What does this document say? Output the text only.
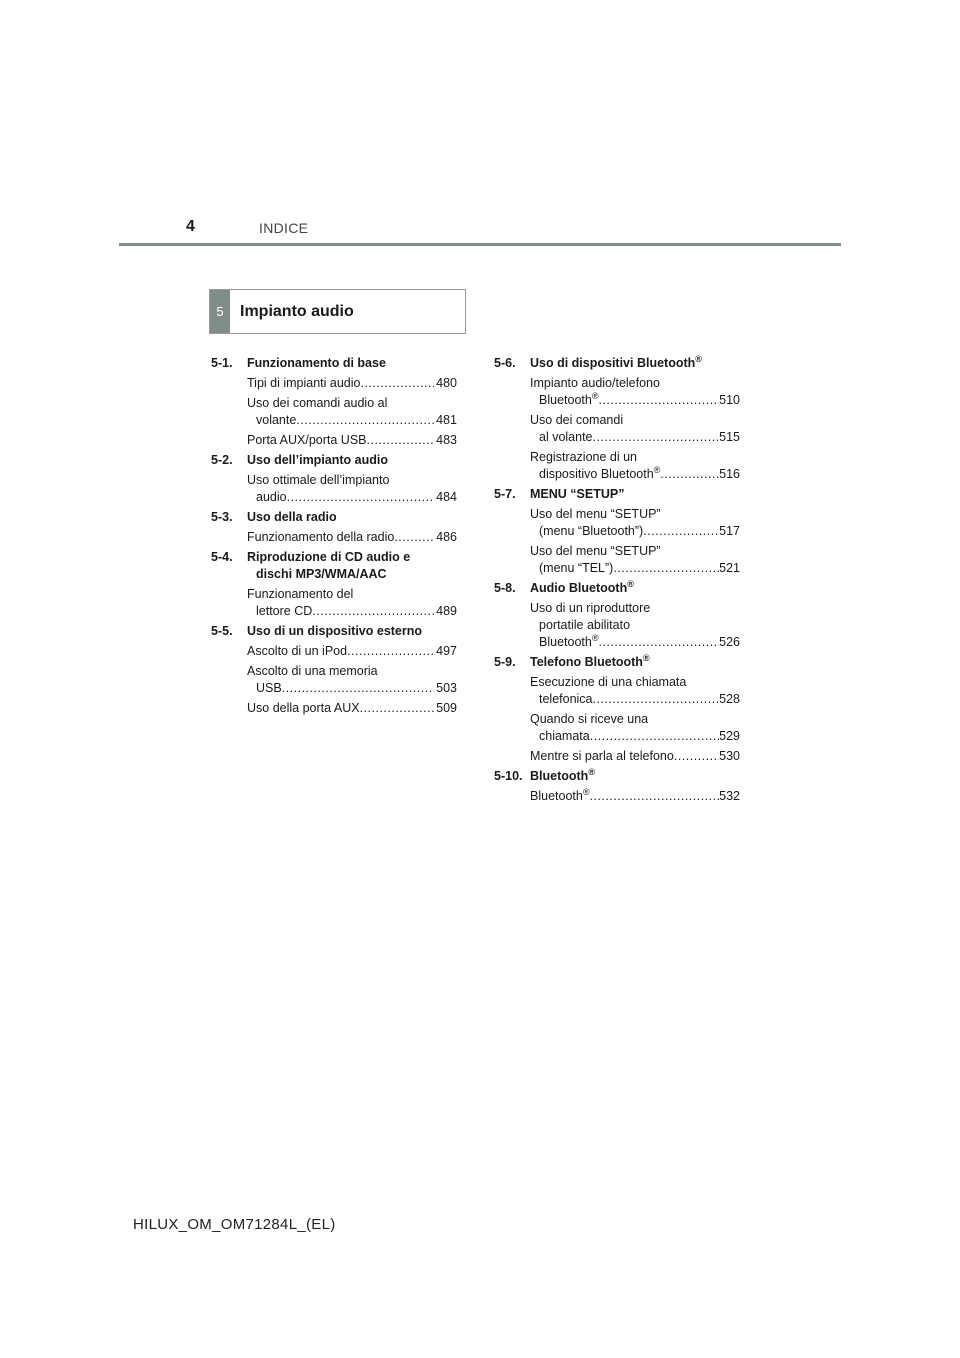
4	INDICE
5	Impianto audio
5-1.	Funzionamento di base
Tipi di impianti audio .....	480
Uso dei comandi audio al
volante .....	481
Porta AUX/porta USB .....	483
5-2.	Uso dell’impianto audio
Uso ottimale dell’impianto
audio .....	484
5-3.	Uso della radio
Funzionamento della radio .....	486
5-4.	Riproduzione di CD audio e
dischi MP3/WMA/AAC
Funzionamento del
lettore CD .....	489
5-5.	Uso di un dispositivo esterno
Ascolto di un iPod .....	497
Ascolto di una memoria
USB .....	503
Uso della porta AUX .....	509
5-6.	Uso di dispositivi Bluetooth®
Impianto audio/telefono
Bluetooth® .....	510
Uso dei comandi
al volante .....	515
Registrazione di un
dispositivo Bluetooth® .....	516
5-7.	MENU “SETUP”
Uso del menu “SETUP”
(menu “Bluetooth”) .....	517
Uso del menu “SETUP”
(menu “TEL”) .....	521
5-8.	Audio Bluetooth®
Uso di un riproduttore
portatile abilitato
Bluetooth® .....	526
5-9.	Telefono Bluetooth®
Esecuzione di una chiamata
telefonica .....	528
Quando si riceve una
chiamata .....	529
Mentre si parla al telefono .....	530
5-10. Bluetooth®
Bluetooth® .....	532
HILUX_OM_OM71284L_(EL)
